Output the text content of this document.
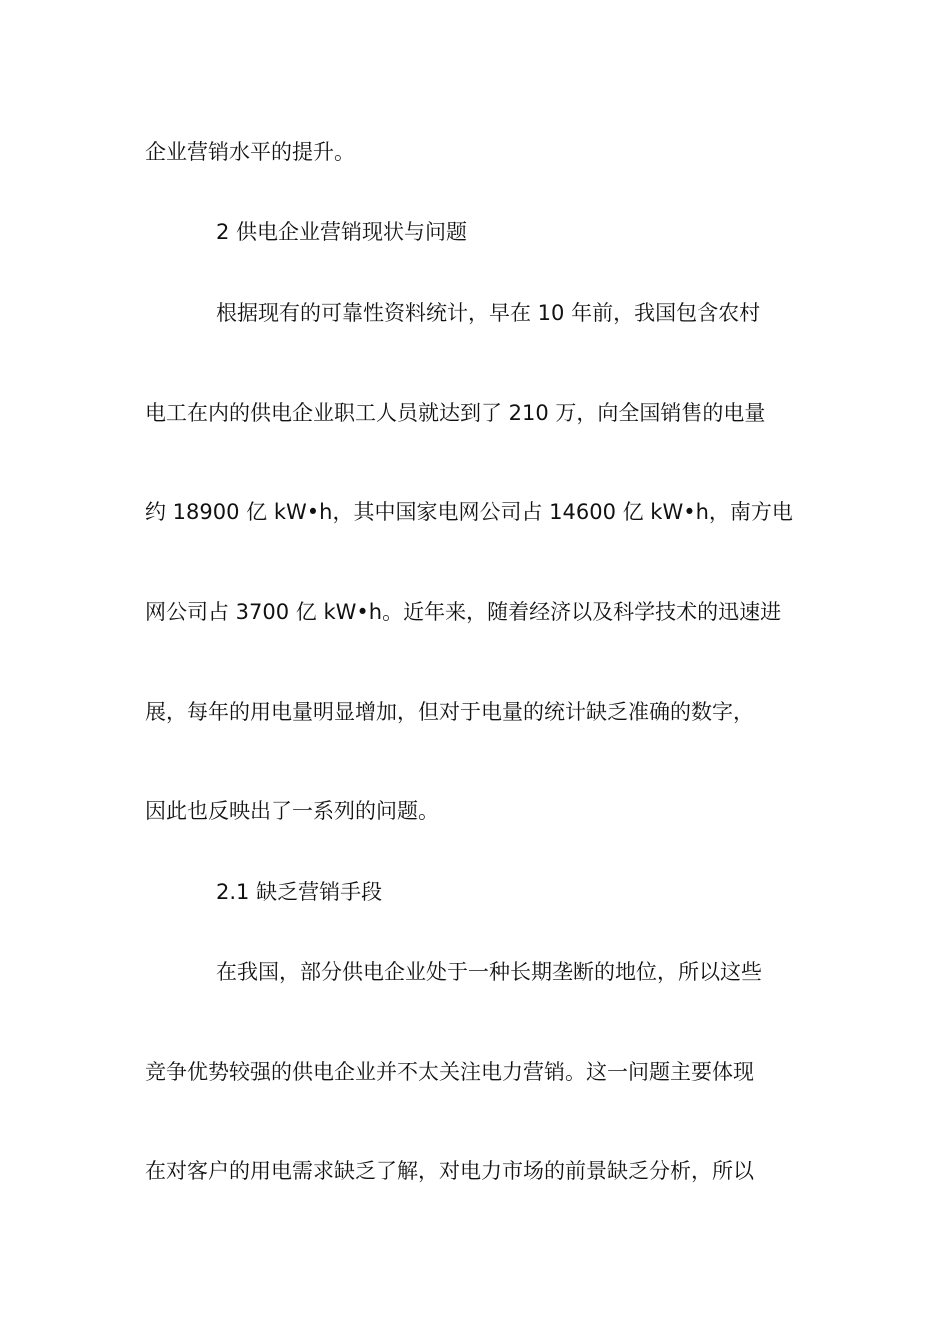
企业营销水平的提升。

2 供电企业营销现状与问题

根据现有的可靠性资料统计，早在 10 年前，我国包含农村

电工在内的供电企业职工人员就达到了 210 万，向全国销售的电量

约 18900 亿 kW•h，其中国家电网公司占 14600 亿 kW•h，南方电

网公司占 3700 亿 kW•h。近年来，随着经济以及科学技术的迅速进

展，每年的用电量明显增加，但对于电量的统计缺乏准确的数字，

因此也反映出了一系列的问题。

2.1 缺乏营销手段

在我国，部分供电企业处于一种长期垄断的地位，所以这些

竞争优势较强的供电企业并不太关注电力营销。这一问题主要体现

在对客户的用电需求缺乏了解，对电力市场的前景缺乏分析，所以
